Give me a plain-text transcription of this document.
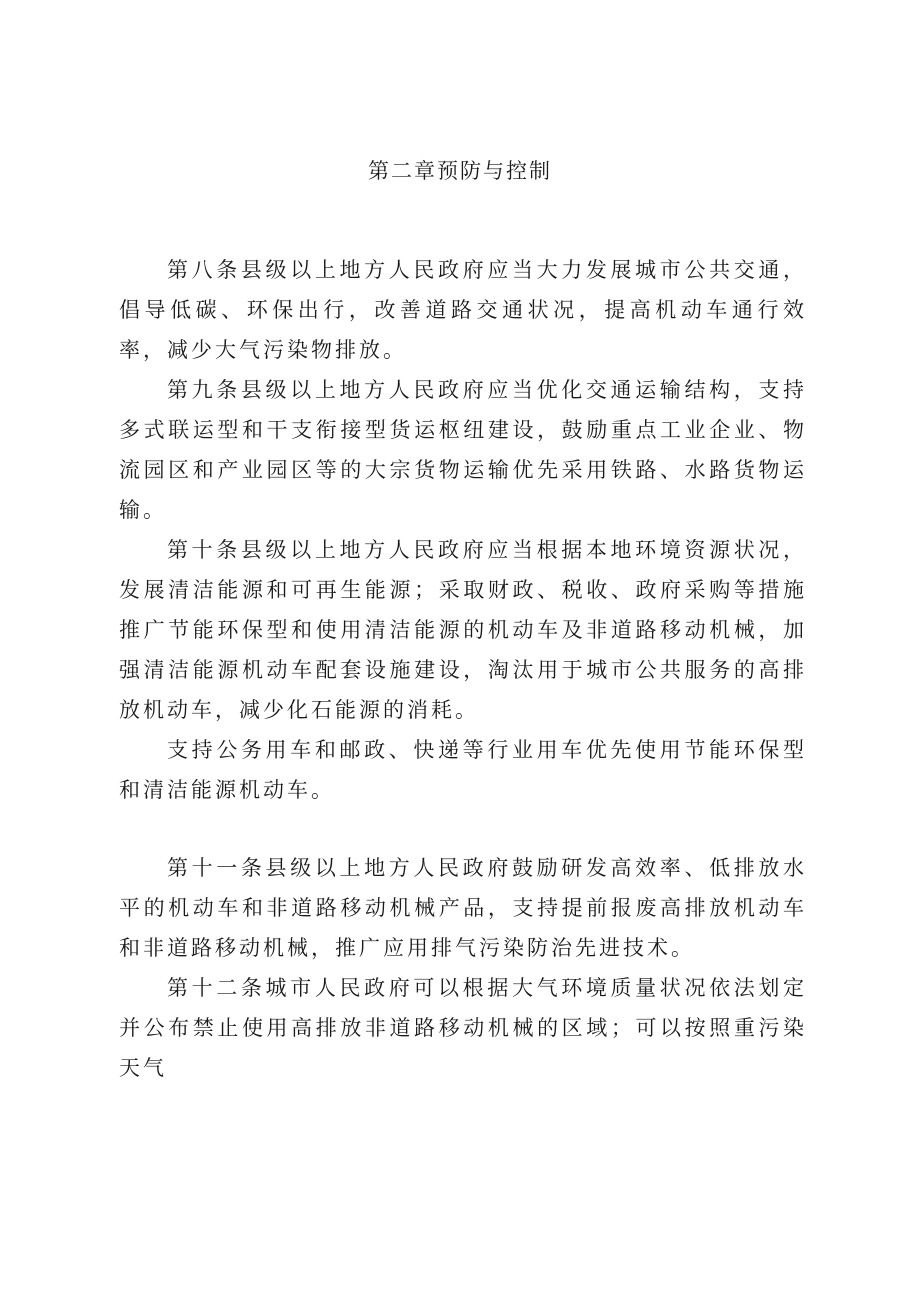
第二章预防与控制

第八条县级以上地方人民政府应当大力发展城市公共交通，倡导低碳、环保出行，改善道路交通状况，提高机动车通行效率，减少大气污染物排放。

第九条县级以上地方人民政府应当优化交通运输结构，支持多式联运型和干支衔接型货运枢纽建设，鼓励重点工业企业、物流园区和产业园区等的大宗货物运输优先采用铁路、水路货物运输。

第十条县级以上地方人民政府应当根据本地环境资源状况，发展清洁能源和可再生能源；采取财政、税收、政府采购等措施推广节能环保型和使用清洁能源的机动车及非道路移动机械，加强清洁能源机动车配套设施建设，淘汰用于城市公共服务的高排放机动车，减少化石能源的消耗。

支持公务用车和邮政、快递等行业用车优先使用节能环保型和清洁能源机动车。

第十一条县级以上地方人民政府鼓励研发高效率、低排放水平的机动车和非道路移动机械产品，支持提前报废高排放机动车和非道路移动机械，推广应用排气污染防治先进技术。

第十二条城市人民政府可以根据大气环境质量状况依法划定并公布禁止使用高排放非道路移动机械的区域；可以按照重污染天气
